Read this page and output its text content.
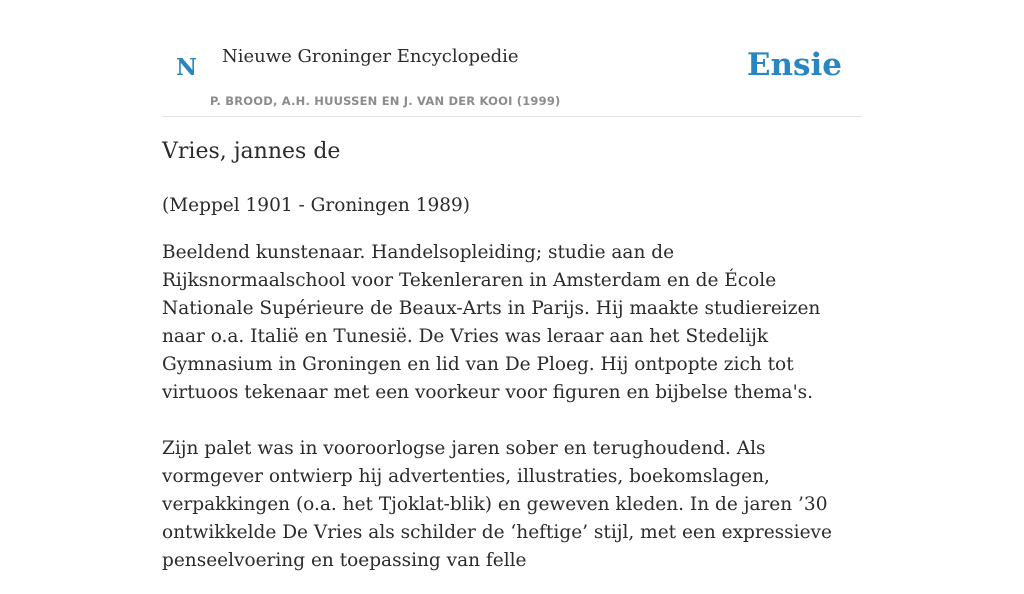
N Nieuwe Groninger Encyclopedie
P. BROOD, A.H. HUUSSEN EN J. VAN DER KOOI (1999)
Ensie
Vries, jannes de

(Meppel 1901 - Groningen 1989)

Beeldend kunstenaar. Handelsopleiding; studie aan de Rijksnormaalschool voor Tekenleraren in Amsterdam en de École Nationale Supérieure de Beaux-Arts in Parijs. Hij maakte studiereizen naar o.a. Italië en Tunesië. De Vries was leraar aan het Stedelijk Gymnasium in Groningen en lid van De Ploeg. Hij ontpopte zich tot virtuoos tekenaar met een voorkeur voor figuren en bijbelse thema's.

Zijn palet was in vooroorlogse jaren sober en terughoudend. Als vormgever ontwierp hij advertenties, illustraties, boekomslagen, verpakkingen (o.a. het Tjoklat-blik) en geweven kleden. In de jaren ’30 ontwikkelde De Vries als schilder de ‘heftige’ stijl, met een expressieve penseelvoering en toepassing van felle
